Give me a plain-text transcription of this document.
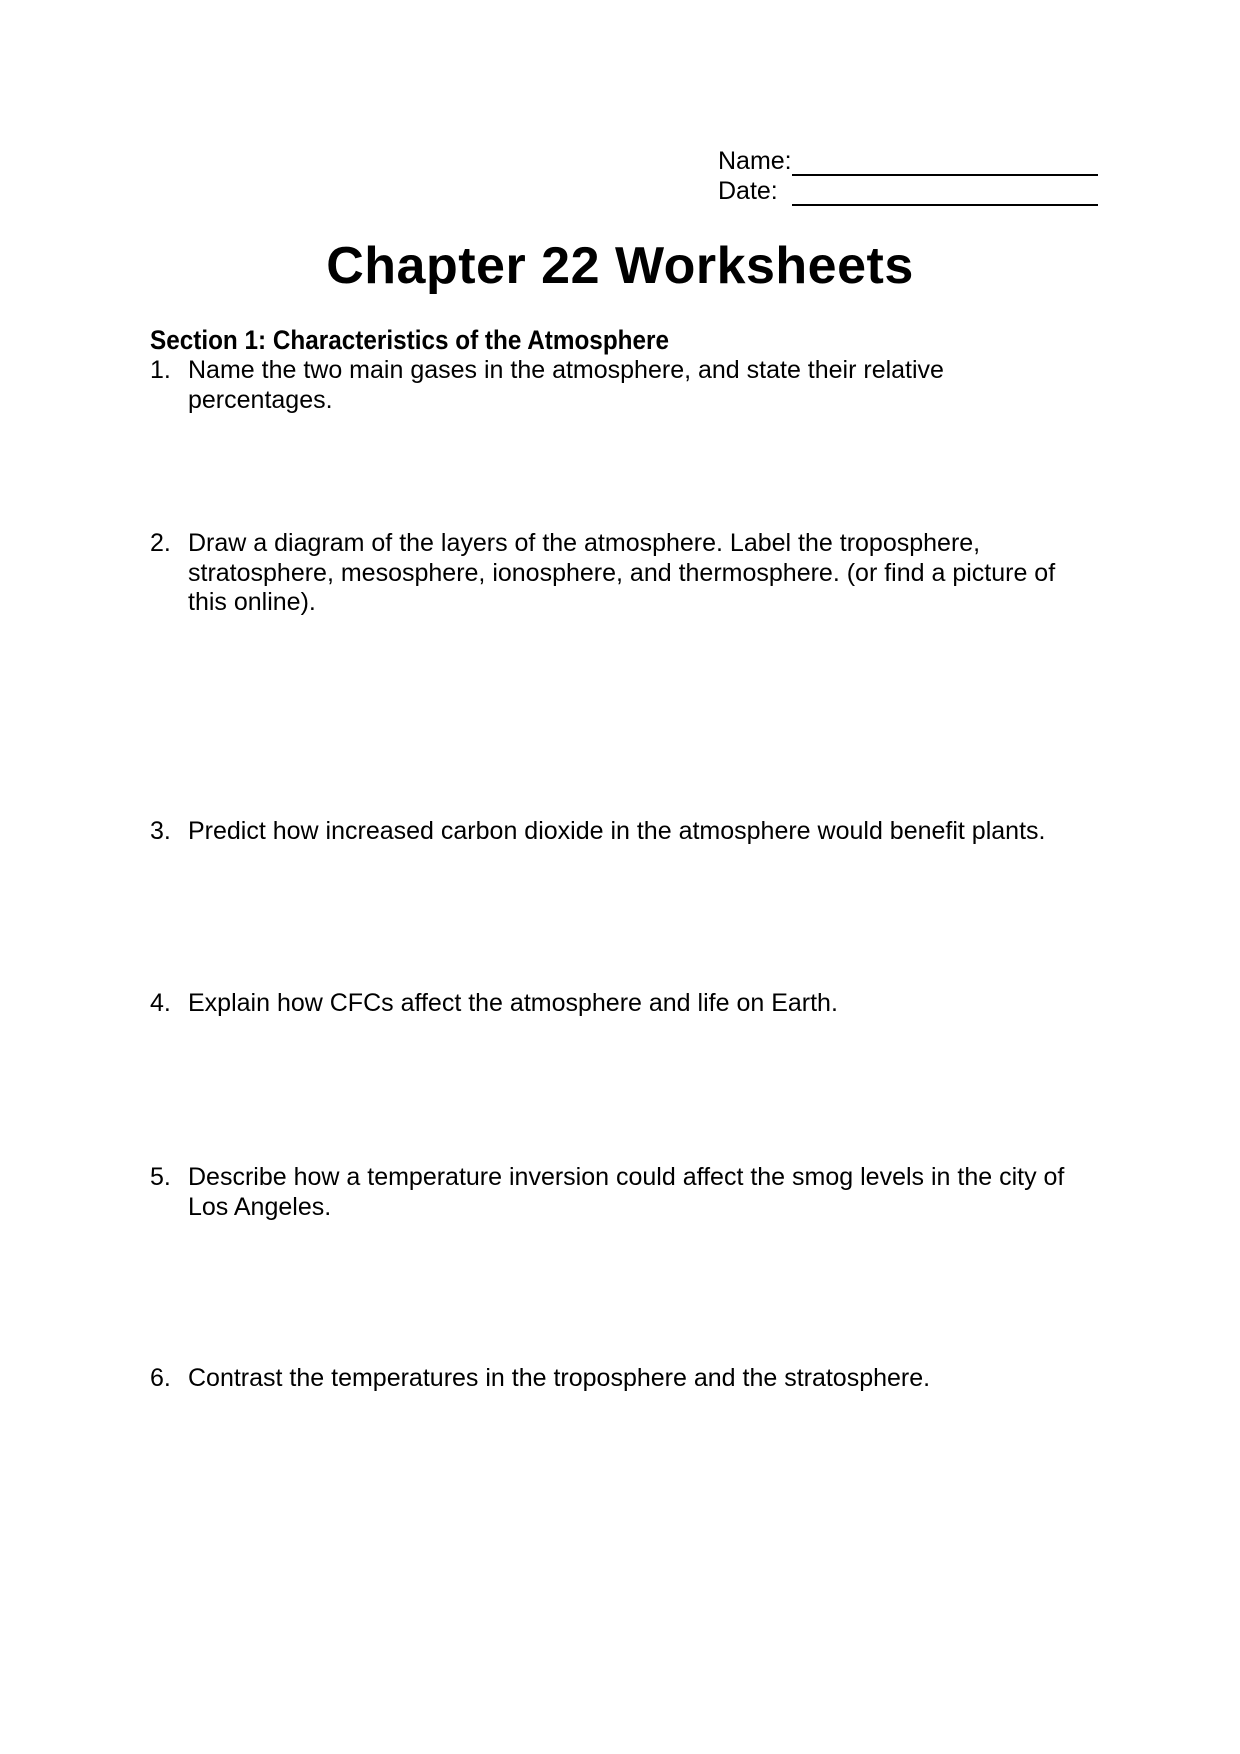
Name:
Date:
Chapter 22 Worksheets
Section 1: Characteristics of the Atmosphere
1. Name the two main gases in the atmosphere, and state their relative
percentages.
2. Draw a diagram of the layers of the atmosphere. Label the troposphere,
stratosphere, mesosphere, ionosphere, and thermosphere. (or find a picture of
this online).
3. Predict how increased carbon dioxide in the atmosphere would benefit plants.
4. Explain how CFCs affect the atmosphere and life on Earth.
5. Describe how a temperature inversion could affect the smog levels in the city of
Los Angeles.
6. Contrast the temperatures in the troposphere and the stratosphere.
